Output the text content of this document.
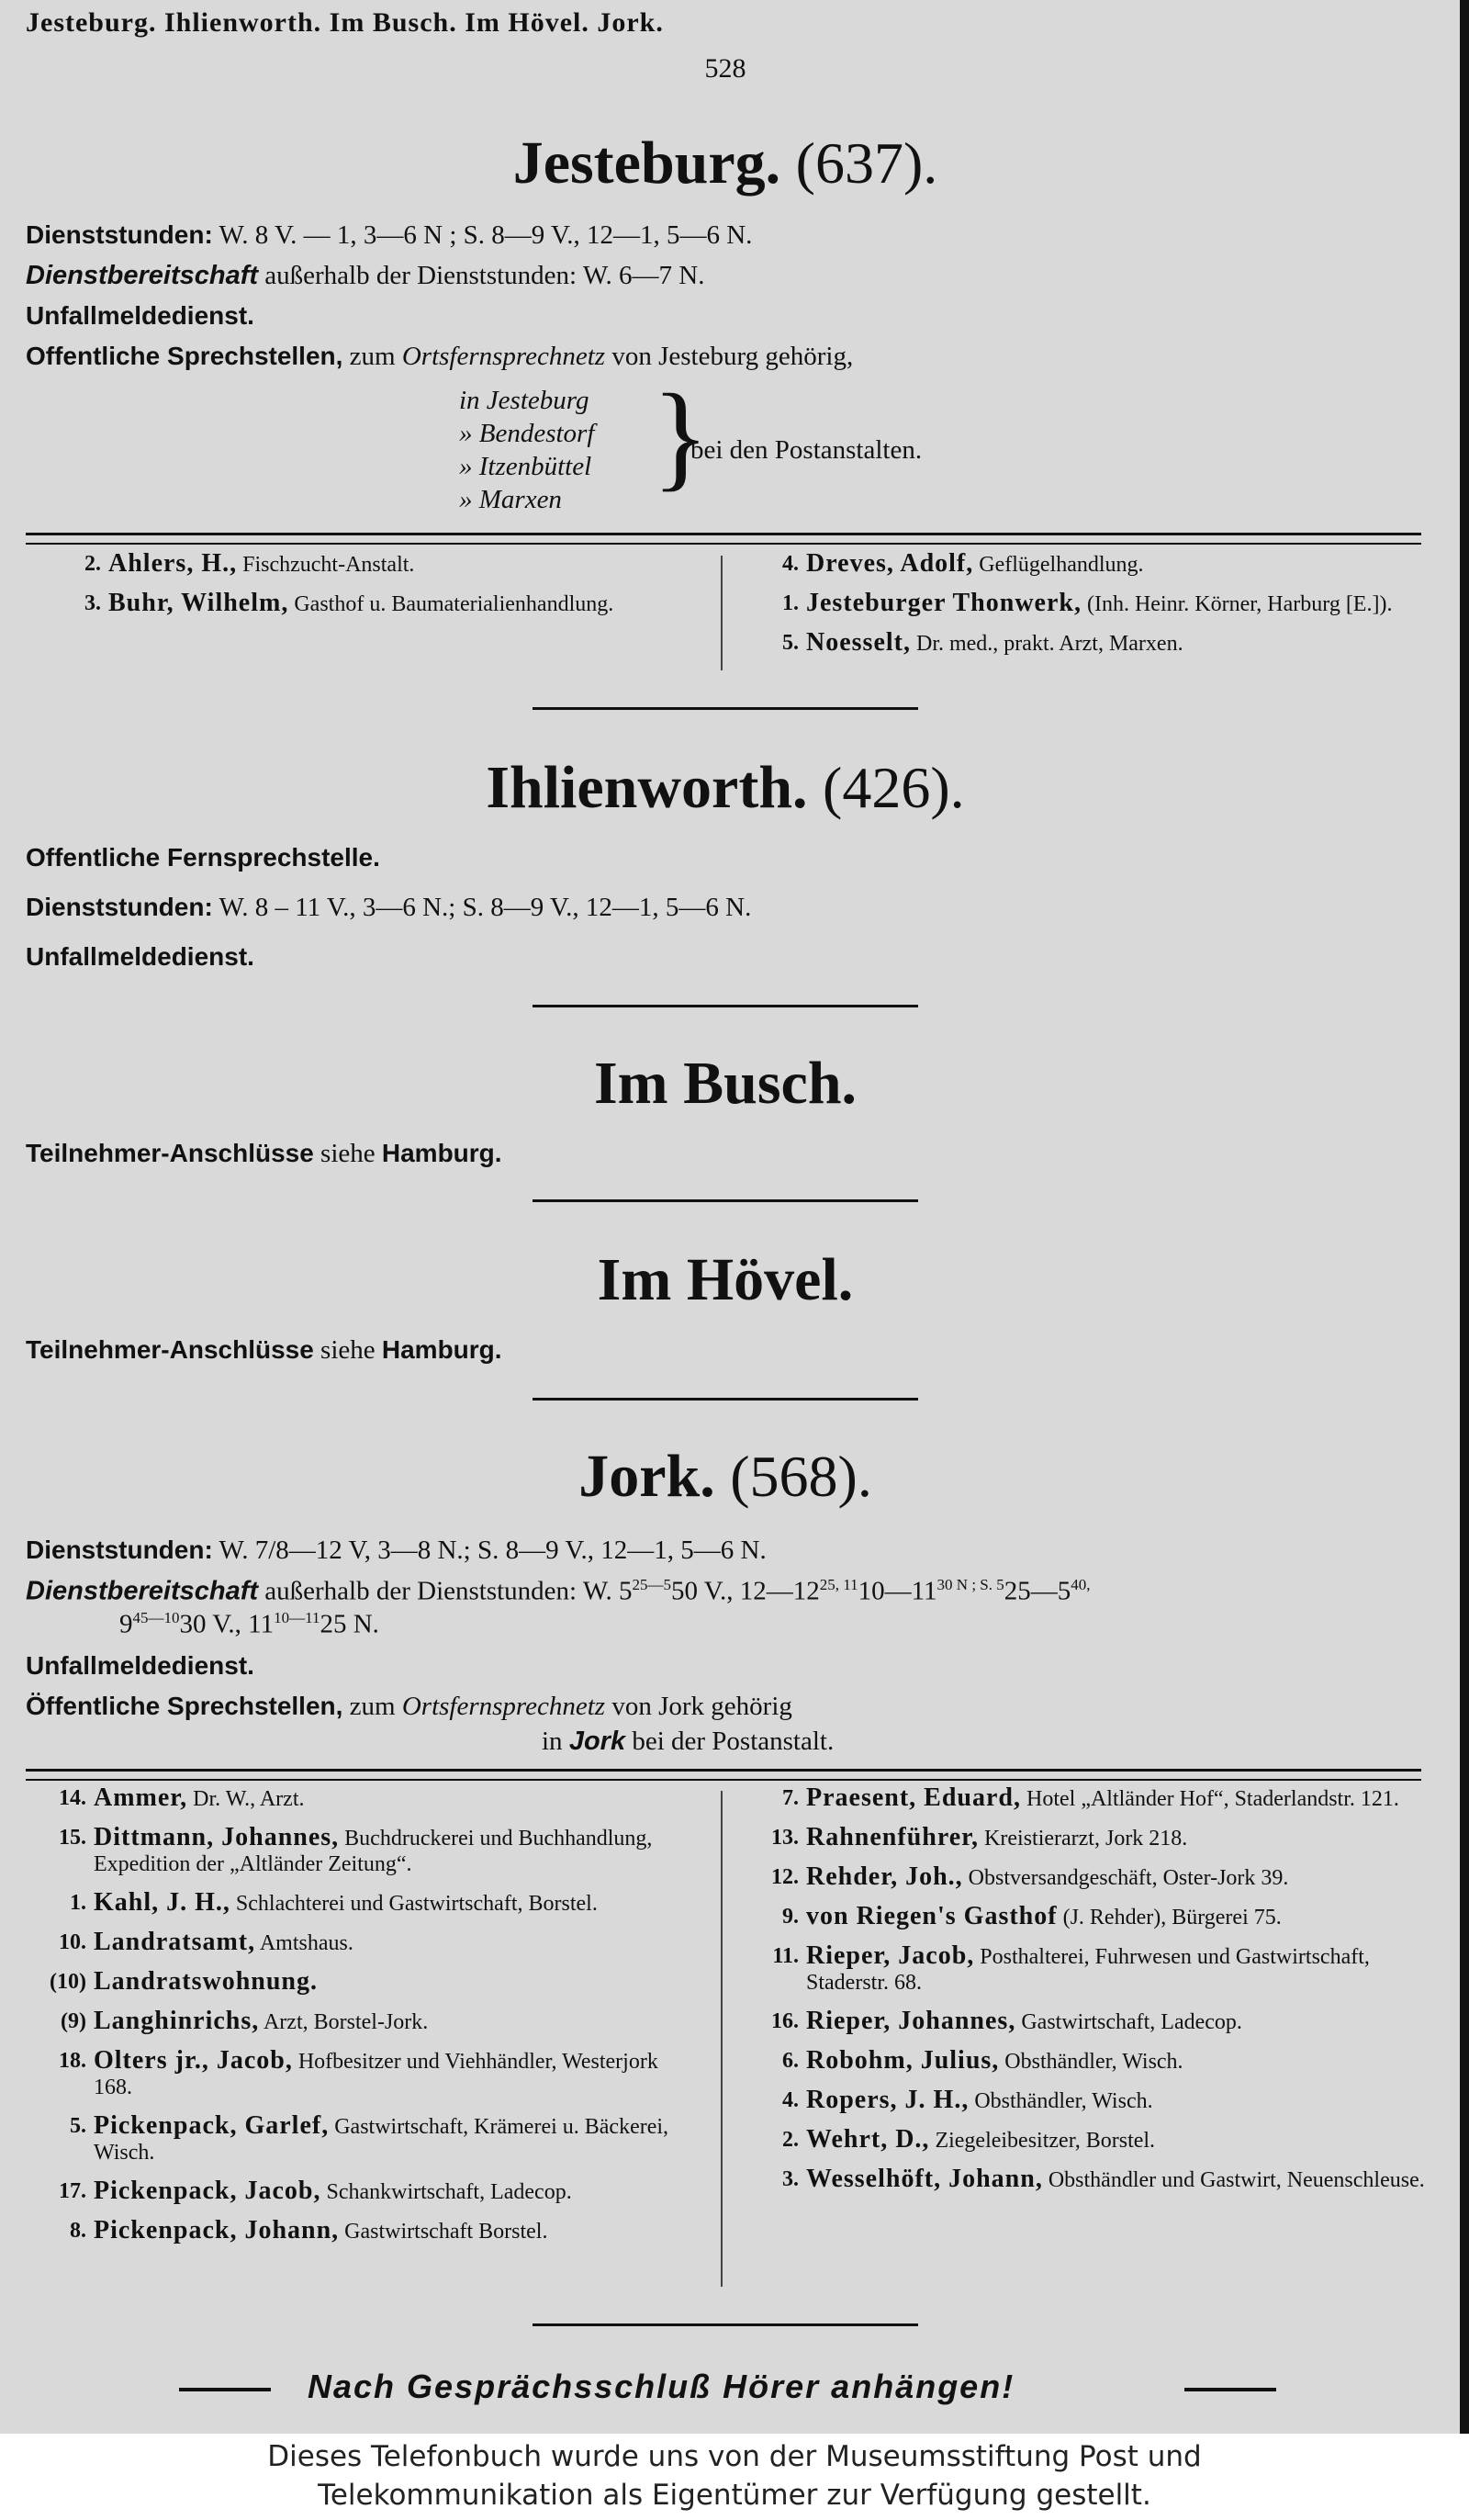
Jesteburg. Ihlienworth. Im Busch. Im Hövel. Jork.
528
Jesteburg. (637).
Dienststunden: W. 8 V. — 1, 3—6 N ; S. 8—9 V., 12—1, 5—6 N.
Dienstbereitschaft außerhalb der Dienststunden: W. 6—7 N.
Unfallmeldedienst.
Offentliche Sprechstellen, zum Ortsfernsprechnetz von Jesteburg gehörig,
in Jesteburg
» Bendestorf
» Itzenbüttel
» Marxen }
bei den Postanstalten.
2. Ahlers, H., Fischzucht-Anstalt.
3. Buhr, Wilhelm, Gasthof u. Baumaterialienhandlung.
4. Dreves, Adolf, Geflügelhandlung.
1. Jesteburger Thonwerk, (Inh. Heinr. Körner, Harburg [E.]).
5. Noesselt, Dr. med., prakt. Arzt, Marxen.
Ihlienworth. (426).
Offentliche Fernsprechstelle.
Dienststunden: W. 8 – 11 V., 3—6 N.; S. 8—9 V., 12—1, 5—6 N.
Unfallmeldedienst.
Im Busch.
Teilnehmer-Anschlüsse siehe Hamburg.
Im Hövel.
Teilnehmer-Anschlüsse siehe Hamburg.
Jork. (568).
Dienststunden: W. 7/8—12 V, 3—8 N.; S. 8—9 V., 12—1, 5—6 N.
Dienstbereitschaft außerhalb der Dienststunden: W. $5^{25—5}50$ V., $12—12^{25, 11}10—11^{30 N ; S. 5}25—5^{40,}$
$9^{45—10}30$ V., $11^{10—11}25$ N.
Unfallmeldedienst.
Öffentliche Sprechstellen, zum Ortsfernsprechnetz von Jork gehörig
in Jork bei der Postanstalt.
14. Ammer, Dr. W., Arzt.
15. Dittmann, Johannes, Buchdruckerei und Buchhandlung, Expedition der „Altländer Zeitung“.
1. Kahl, J. H., Schlachterei und Gastwirtschaft, Borstel.
10. Landratsamt, Amtshaus.
(10) Landratswohnung.
(9) Langhinrichs, Arzt, Borstel-Jork.
18. Olters jr., Jacob, Hofbesitzer und Viehhändler, Westerjork 168.
5. Pickenpack, Garlef, Gastwirtschaft, Krämerei u. Bäckerei, Wisch.
17. Pickenpack, Jacob, Schankwirtschaft, Ladecop.
8. Pickenpack, Johann, Gastwirtschaft Borstel.
7. Praesent, Eduard, Hotel „Altländer Hof“, Staderlandstr. 121.
13. Rahnenführer, Kreistierarzt, Jork 218.
12. Rehder, Joh., Obstversandgeschäft, Oster-Jork 39.
9. von Riegen's Gasthof (J. Rehder), Bürgerei 75.
11. Rieper, Jacob, Posthalterei, Fuhrwesen und Gastwirtschaft, Staderstr. 68.
16. Rieper, Johannes, Gastwirtschaft, Ladecop.
6. Robohm, Julius, Obsthändler, Wisch.
4. Ropers, J. H., Obsthändler, Wisch.
2. Wehrt, D., Ziegeleibesitzer, Borstel.
3. Wesselhöft, Johann, Obsthändler und Gastwirt, Neuenschleuse.
Nach Gesprächsschluß Hörer anhängen!
Dieses Telefonbuch wurde uns von der Museumsstiftung Post und
Telekommunikation als Eigentümer zur Verfügung gestellt.
